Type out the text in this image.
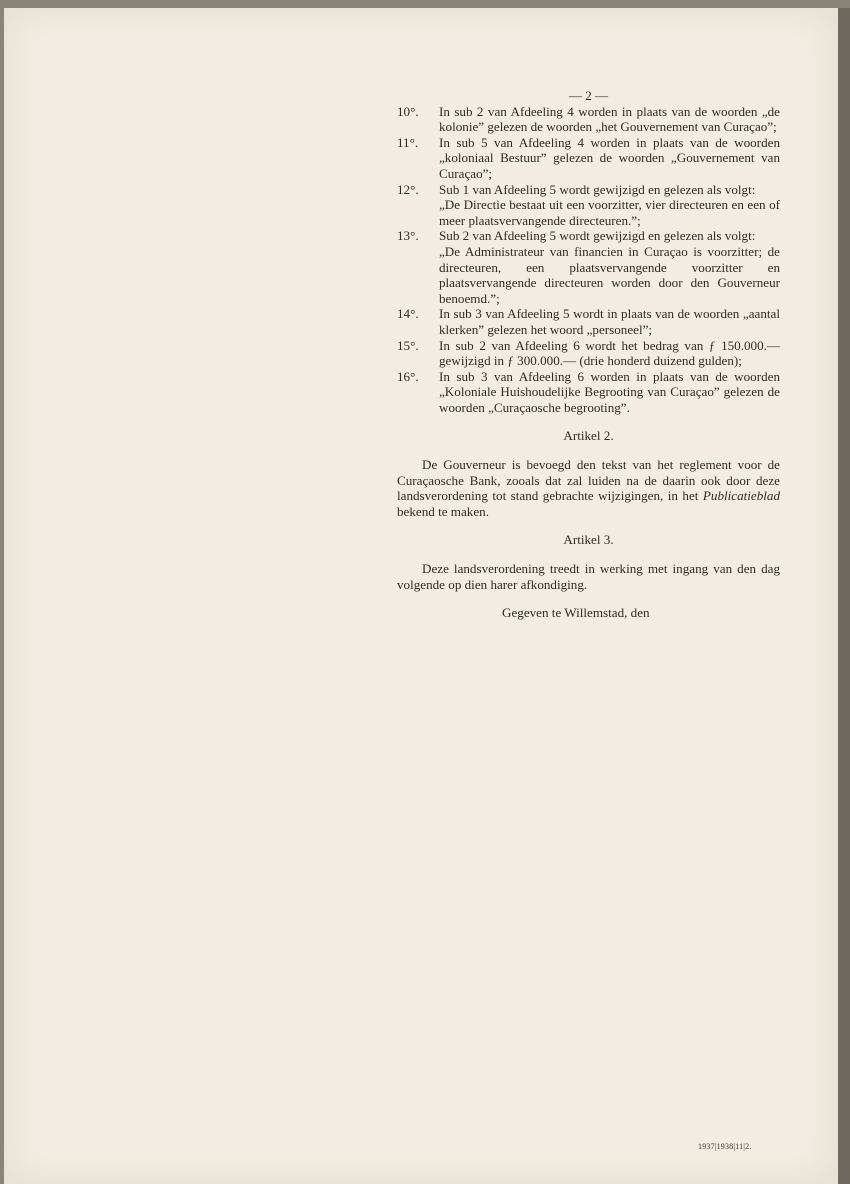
— 2 —
10°.	In sub 2 van Afdeeling 4 worden in plaats van de woorden „de kolonie” gelezen de woorden „het Gouvernement van Curaçao”;
11°.	In sub 5 van Afdeeling 4 worden in plaats van de woorden „koloniaal Bestuur” gelezen de woorden „Gouvernement van Curaçao”;
12°.	Sub 1 van Afdeeling 5 wordt gewijzigd en gelezen als volgt:
„De Directie bestaat uit een voorzitter, vier directeuren en een of meer plaatsvervangende directeuren.”;
13°.	Sub 2 van Afdeeling 5 wordt gewijzigd en gelezen als volgt:
„De Administrateur van financien in Curaçao is voorzitter; de directeuren, een plaatsvervangende voorzitter en plaatsvervangende directeuren worden door den Gouverneur benoemd.”;
14°.	In sub 3 van Afdeeling 5 wordt in plaats van de woorden „aantal klerken” gelezen het woord „personeel”;
15°.	In sub 2 van Afdeeling 6 wordt het bedrag van ƒ 150.000.— gewijzigd in ƒ 300.000.— (drie honderd duizend gulden);
16°.	In sub 3 van Afdeeling 6 worden in plaats van de woorden „Koloniale Huishoudelijke Begrooting van Curaçao” gelezen de woorden „Curaçaosche begrooting”.
Artikel 2.
De Gouverneur is bevoegd den tekst van het reglement voor de Curaçaosche Bank, zooals dat zal luiden na de daarin ook door deze landsverordening tot stand gebrachte wijzigingen, in het Publicatieblad bekend te maken.
Artikel 3.
Deze landsverordening treedt in werking met ingang van den dag volgende op dien harer afkondiging.
Gegeven te Willemstad, den
1937|1938|11|2.
